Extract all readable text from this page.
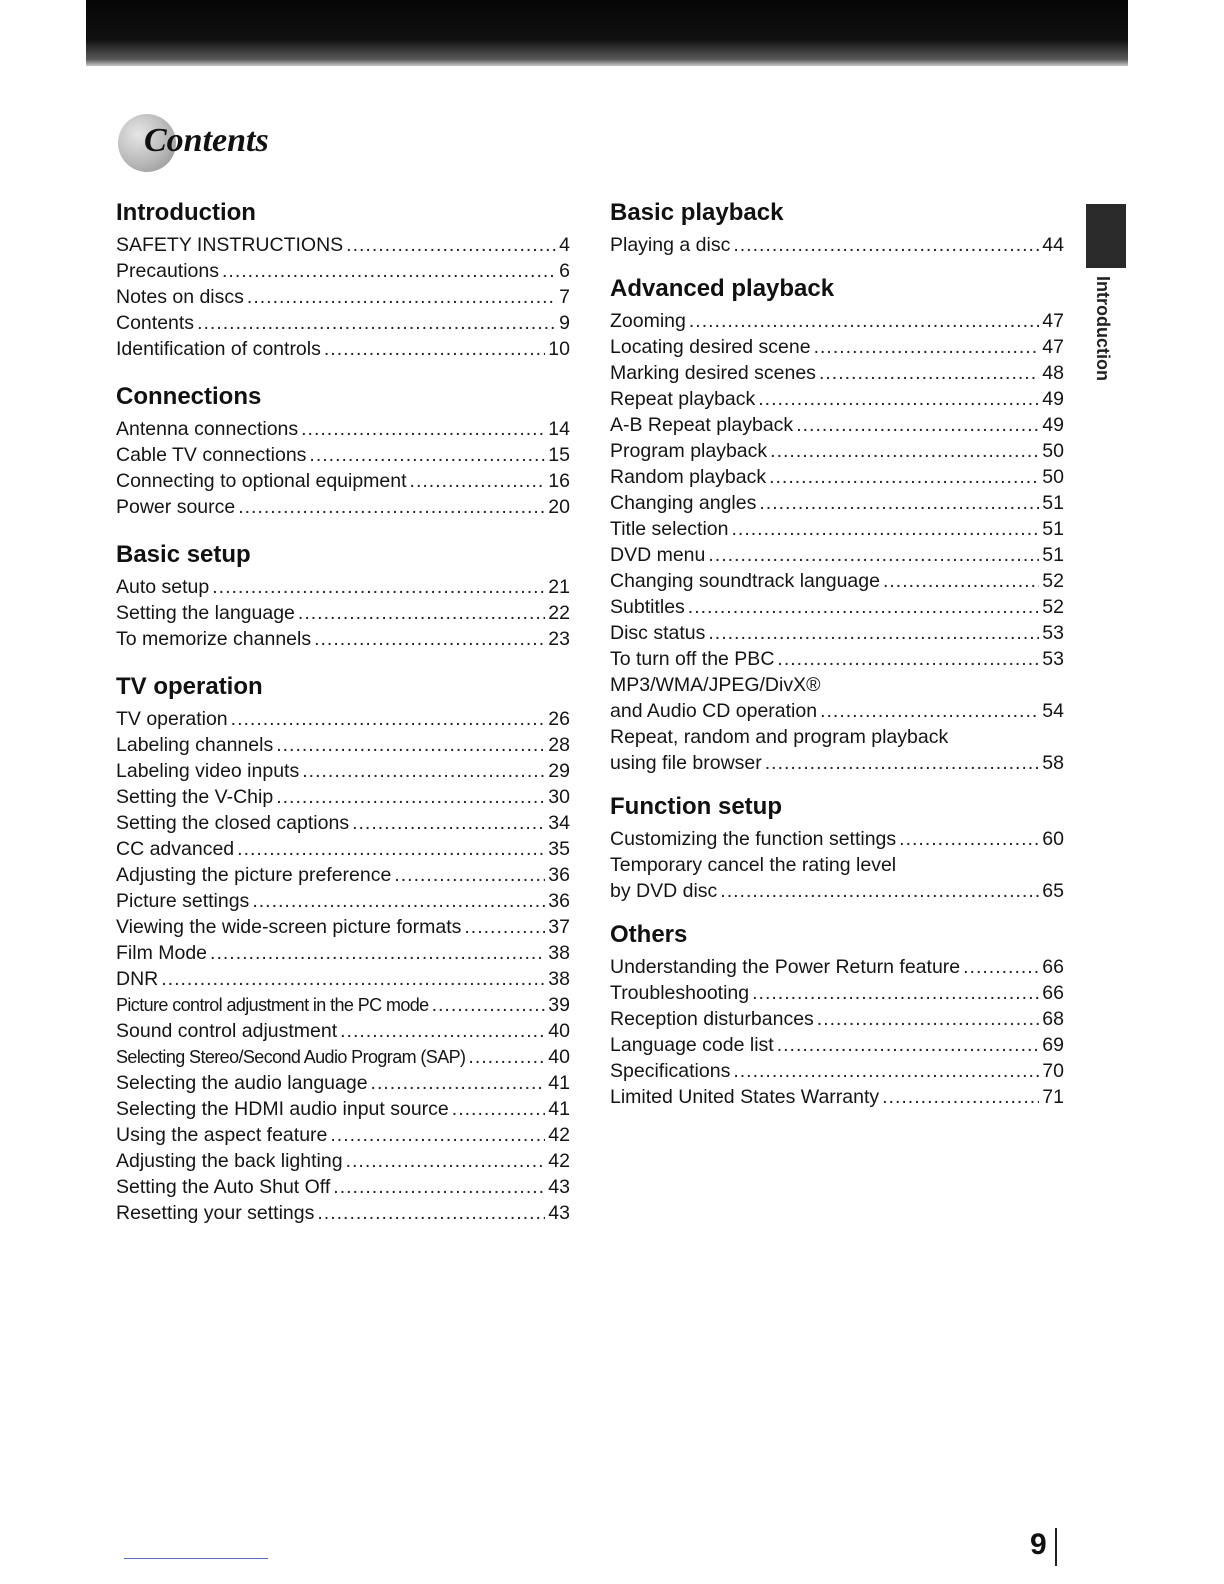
Contents
Introduction
SAFETY INSTRUCTIONS .....	4
Precautions .....	6
Notes on discs .....	7
Contents .....	9
Identification of controls .....	10
Connections
Antenna connections .....	14
Cable TV connections .....	15
Connecting to optional equipment .....	16
Power source .....	20
Basic setup
Auto setup .....	21
Setting the language .....	22
To memorize channels .....	23
TV operation
TV operation .....	26
Labeling channels .....	28
Labeling video inputs .....	29
Setting the V-Chip .....	30
Setting the closed captions .....	34
CC advanced .....	35
Adjusting the picture preference .....	36
Picture settings .....	36
Viewing the wide-screen picture formats .....	37
Film Mode .....	38
DNR .....	38
Picture control adjustment in the PC mode .....	39
Sound control adjustment .....	40
Selecting Stereo/Second Audio Program (SAP) .....	40
Selecting the audio language .....	41
Selecting the HDMI audio input source .....	41
Using the aspect feature .....	42
Adjusting the back lighting .....	42
Setting the Auto Shut Off .....	43
Resetting your settings .....	43
Basic playback
Playing a disc .....	44
Advanced playback
Zooming .....	47
Locating desired scene .....	47
Marking desired scenes .....	48
Repeat playback .....	49
A-B Repeat playback .....	49
Program playback .....	50
Random playback .....	50
Changing angles .....	51
Title selection .....	51
DVD menu .....	51
Changing soundtrack language .....	52
Subtitles .....	52
Disc status .....	53
To turn off the PBC .....	53
MP3/WMA/JPEG/DivX®
and Audio CD operation .....	54
Repeat, random and program playback
using file browser .....	58
Function setup
Customizing the function settings .....	60
Temporary cancel the rating level
by DVD disc .....	65
Others
Understanding the Power Return feature .....	66
Troubleshooting .....	66
Reception disturbances .....	68
Language code list .....	69
Specifications .....	70
Limited United States Warranty .....	71
Introduction
9
